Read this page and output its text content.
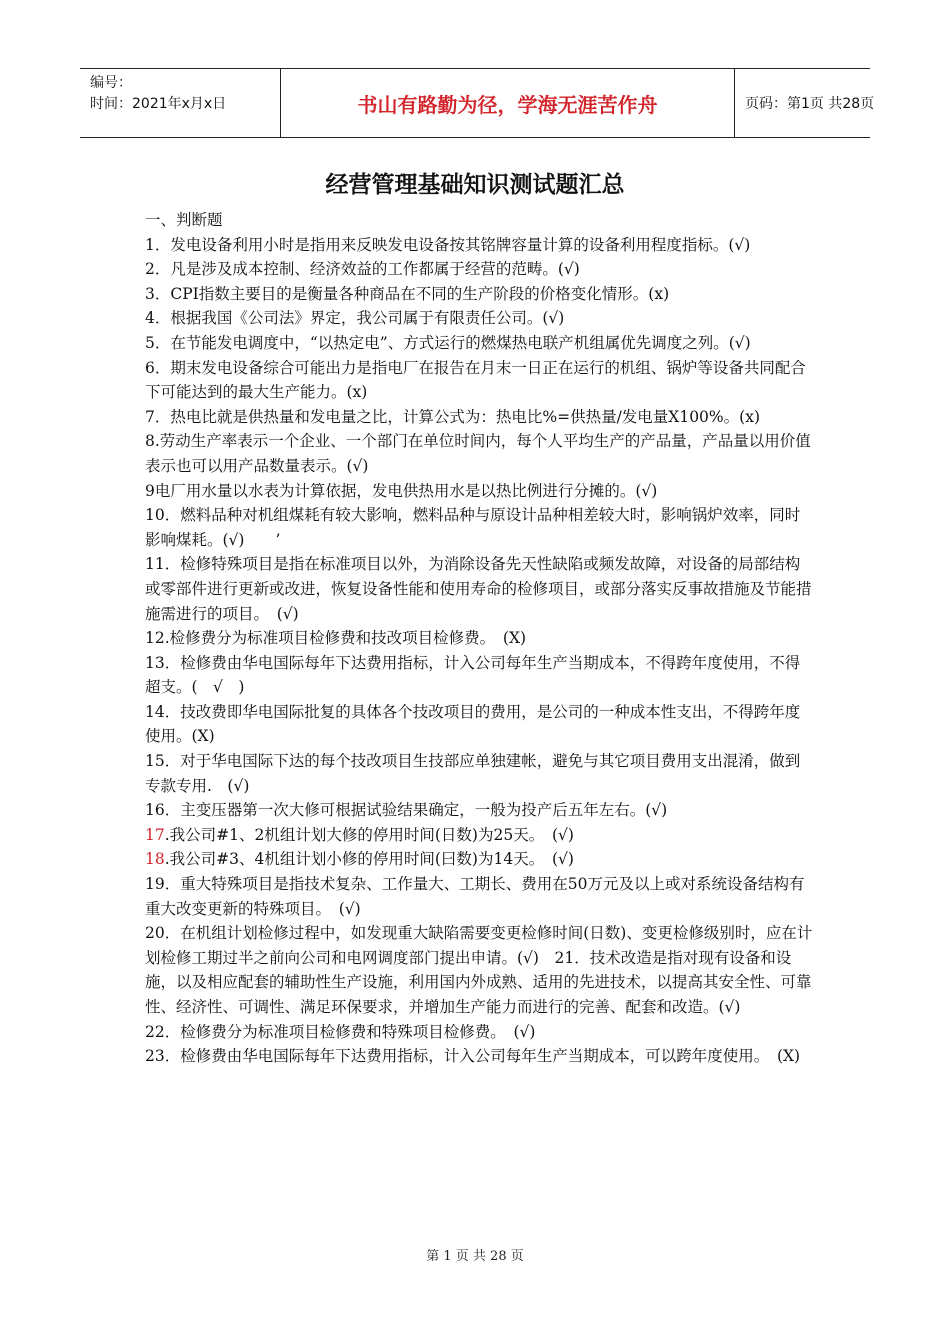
编号：
时间：2021年x月x日	书山有路勤为径，学海无涯苦作舟	页码：第1页 共28页
经营管理基础知识测试题汇总

一、判断题

1．发电设备利用小时是指用来反映发电设备按其铭牌容量计算的设备利用程度指标。(√)

2．凡是涉及成本控制、经济效益的工作都属于经营的范畴。(√)

3．CPI指数主要目的是衡量各种商品在不同的生产阶段的价格变化情形。(x)

4．根据我国《公司法》界定，我公司属于有限责任公司。(√)

5．在节能发电调度中，“以热定电”、方式运行的燃煤热电联产机组属优先调度之列。(√)

6．期末发电设备综合可能出力是指电厂在报告在月末一日正在运行的机组、锅炉等设备共同配合下可能达到的最大生产能力。(x)

7．热电比就是供热量和发电量之比，计算公式为：热电比%=供热量/发电量X100%。(x)

8.劳动生产率表示一个企业、一个部门在单位时间内，每个人平均生产的产品量，产品量以用价值表示也可以用产品数量表示。(√)

9电厂用水量以水表为计算依据，发电供热用水是以热比例进行分摊的。(√)

10．燃料品种对机组煤耗有较大影响，燃料品种与原设计品种相差较大时，影响锅炉效率，同时影响煤耗。(√)　　’

11．检修特殊项目是指在标准项目以外，为消除设备先天性缺陷或频发故障，对设备的局部结构或零部件进行更新或改进，恢复设备性能和使用寿命的检修项目，或部分落实反事故措施及节能措施需进行的项目。　(√)

12.检修费分为标准项目检修费和技改项目检修费。　(X)

13．检修费由华电国际每年下达费用指标，计入公司每年生产当期成本，不得跨年度使用，不得超支。(　√　)

14．技改费即华电国际批复的具体各个技改项目的费用，是公司的一种成本性支出，不得跨年度使用。(X)

15．对于华电国际下达的每个技改项目生技部应单独建帐，避免与其它项目费用支出混淆，做到专款专用.　(√)

16．主变压器第一次大修可根据试验结果确定，一般为投产后五年左右。(√)

17.我公司#1、2机组计划大修的停用时间(日数)为25天。　(√)

18.我公司#3、4机组计划小修的停用时间(曰数)为14天。　(√)

19．重大特殊项目是指技术复杂、工作量大、工期长、费用在50万元及以上或对系统设备结构有重大改变更新的特殊项目。　(√)

20．在机组计划检修过程中，如发现重大缺陷需要变更检修时间(日数)、变更检修级别时，应在计划检修工期过半之前向公司和电网调度部门提出申请。(√)　21．技术改造是指对现有设备和设施，以及相应配套的辅助性生产设施，利用国内外成熟、适用的先进技术，以提高其安全性、可靠性、经济性、可调性、满足环保要求，并增加生产能力而进行的完善、配套和改造。(√)

22．检修费分为标准项目检修费和特殊项目检修费。　(√)

23．检修费由华电国际每年下达费用指标，计入公司每年生产当期成本，可以跨年度使用。　(X)

第 1 页 共 28 页
